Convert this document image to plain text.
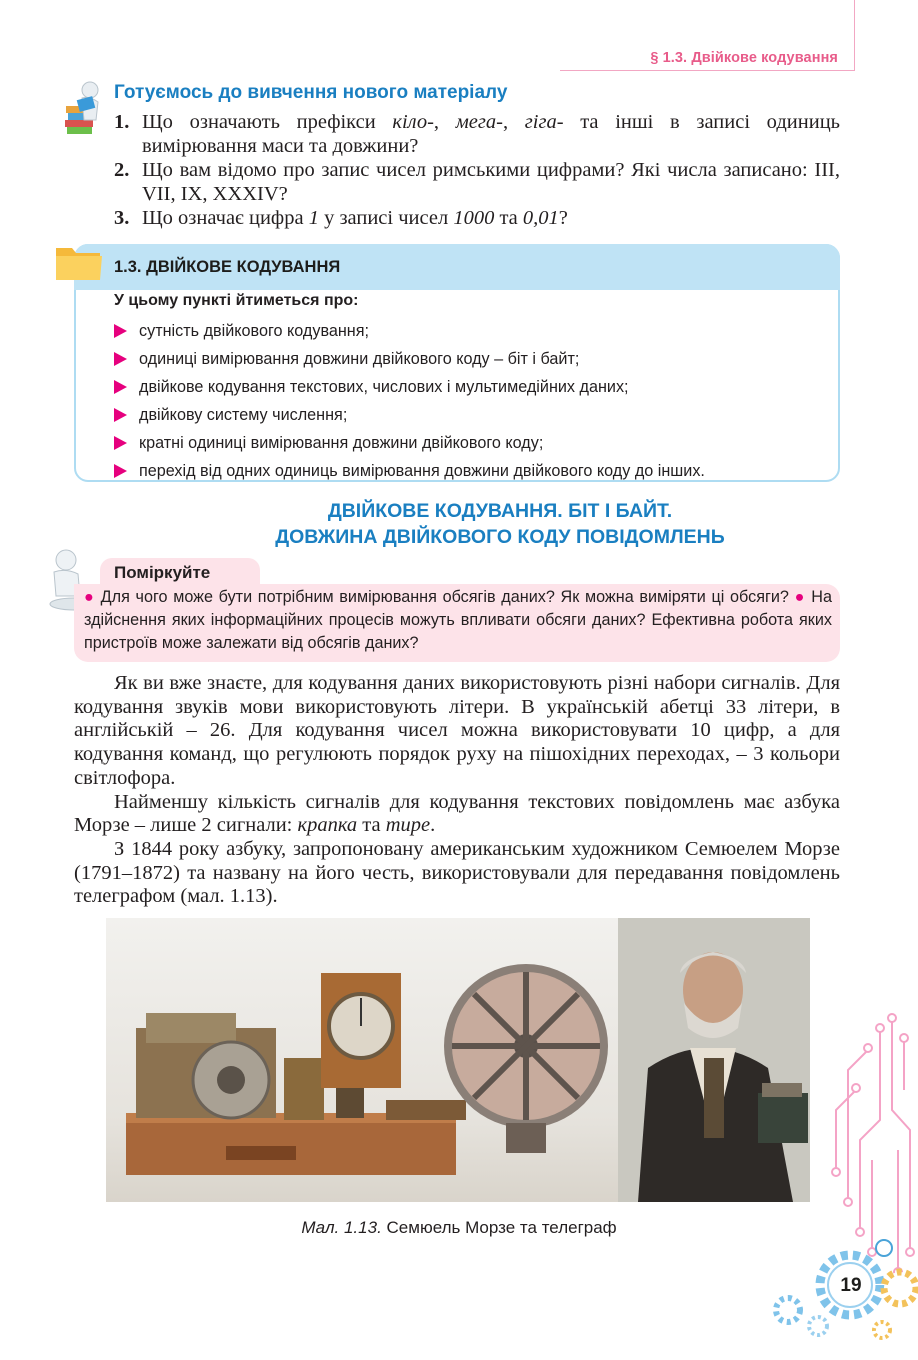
§ 1.3. Двійкове кодування
Готуємось до вивчення нового матеріалу
1. Що означають префікси кіло-, мега-, гіга- та інші в записі одиниць вимірювання маси та довжини?
2. Що вам відомо про запис чисел римськими цифрами? Які числа записано: III, VII, IX, XXXIV?
3. Що означає цифра 1 у записі чисел 1000 та 0,01?
1.3. ДВІЙКОВЕ КОДУВАННЯ
У цьому пункті йтиметься про:
сутність двійкового кодування;
одиниці вимірювання довжини двійкового коду – біт і байт;
двійкове кодування текстових, числових і мультимедійних даних;
двійкову систему числення;
кратні одиниці вимірювання довжини двійкового коду;
перехід від одних одиниць вимірювання довжини двійкового коду до інших.
ДВІЙКОВЕ КОДУВАННЯ. БІТ І БАЙТ.
ДОВЖИНА ДВІЙКОВОГО КОДУ ПОВІДОМЛЕНЬ
Поміркуйте
● Для чого може бути потрібним вимірювання обсягів даних? Як можна виміряти ці обсяги? ● На здійснення яких інформаційних процесів можуть впливати обсяги даних? Ефективна робота яких пристроїв може залежати від обсягів даних?

Як ви вже знаєте, для кодування даних використовують різні набори сигналів. Для кодування звуків мови використовують літери. В українській абетці 33 літери, в англійській – 26. Для кодування чисел можна використовувати 10 цифр, а для кодування команд, що регулюють порядок руху на пішохідних переходах, – 3 кольори світлофора.

Найменшу кількість сигналів для кодування текстових повідомлень має азбука Морзе – лише 2 сигнали: крапка та тире.

З 1844 року азбуку, запропоновану американським художником Семюелем Морзе (1791–1872) та названу на його честь, використовували для передавання повідомлень телеграфом (мал. 1.13).

Мал. 1.13. Семюель Морзе та телеграф
19
